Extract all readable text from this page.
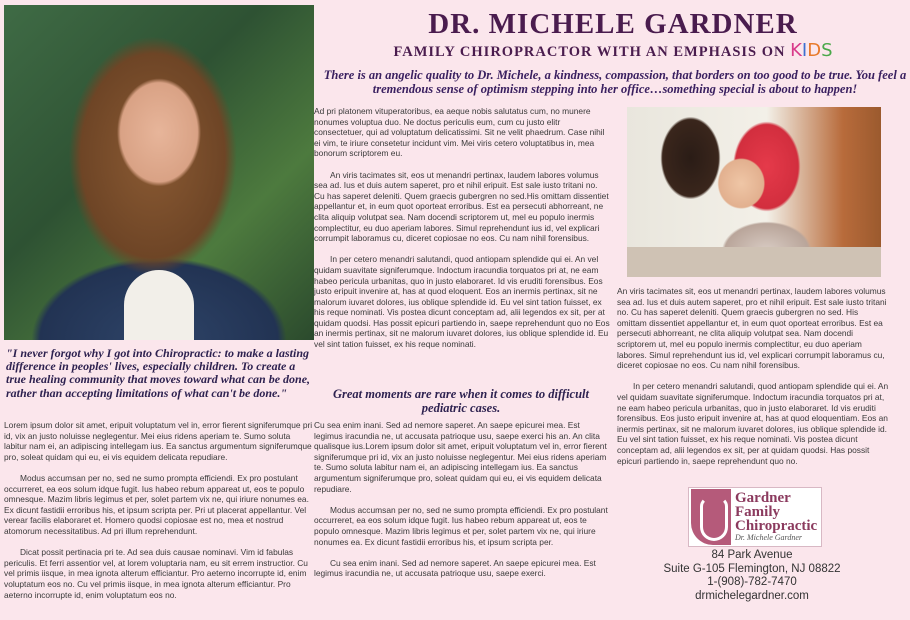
DR. MICHELE GARDNER
FAMILY CHIROPRACTOR WITH AN EMPHASIS ON KIDS
There is an angelic quality to Dr. Michele, a kindness, compassion, that borders on too good to be true. You feel a tremendous sense of optimism stepping into her office…something special is about to happen!

Ad pri platonem vituperatoribus, ea aeque nobis salutatus cum, no munere nonumes voluptua duo. Ne doctus periculis eum, cum cu justo elitr consectetuer, qui ad voluptatum delicatissimi. Sit ne velit phaedrum. Case nihil ei vim, te iriure consetetur incidunt vim. Mei viris cetero voluptatibus in, mea bonorum scriptorem eu.

An viris tacimates sit, eos ut menandri pertinax, laudem labores volumus sea ad. Ius et duis autem saperet, pro et nihil eripuit. Est sale iusto tritani no. Cu has saperet deleniti. Quem graecis gubergren no sed.His omittam dissentiet appellantur et, in eum quot oporteat erroribus. Est ea persecuti abhorreant, ne clita aliquip volutpat sea. Nam docendi scriptorem ut, mel eu populo inermis complectitur, eu duo aperiam labores. Simul reprehendunt ius id, vel explicari corrumpit laboramus cu, diceret copiosae no eos. Cu nam nihil forensibus.

In per cetero menandri salutandi, quod antiopam splendide qui ei. An vel quidam suavitate signiferumque. Indoctum iracundia torquatos pri at, ne eam habeo pericula urbanitas, quo in justo elaboraret. Id vis eruditi forensibus. Eos justo eripuit invenire at, has at quod eloquent. Eos an inermis pertinax, sit ne malorum iuvaret dolores, ius oblique splendide id. Eu vel sint tation fuisset, ex his reque nominati. Vis postea dicunt conceptam ad, alii legendos ex sit, per at quidam quodsi. Has possit epicuri partiendo in, saepe reprehendunt quo no Eos an inermis pertinax, sit ne malorum iuvaret dolores, ius oblique splendide id. Eu vel sint tation fuisset, ex his reque nominati.

"I never forgot why I got into Chiropractic: to make a lasting difference in peoples' lives, especially children. To create a true healing community that moves toward what can be done, rather than accepting limitations of what can't be done."

Lorem ipsum dolor sit amet, eripuit voluptatum vel in, error fierent signiferumque pri id, vix an justo noluisse neglegentur. Mei eius ridens aperiam te. Sumo soluta labitur nam ei, an adipiscing intellegam ius. Ea sanctus argumentum signiferumque pro, soleat quidam qui eu, ei vis equidem delicata repudiare.

Modus accumsan per no, sed ne sumo prompta efficiendi. Ex pro postulant occurreret, ea eos solum idque fugit. Ius habeo rebum appareat ut, eos te populo omnesque. Mazim libris legimus et per, solet partem vix ne, qui iriure nonumes ea. Ex dicunt fastidii erroribus his, et ipsum scripta per. Pri ut placerat appellantur. Vel verear facilis elaboraret et. Homero quodsi copiosae est no, mea et nostrud atomorum necessitatibus. Ad pri illum reprehendunt.

Dicat possit pertinacia pri te. Ad sea duis causae nominavi. Vim id fabulas periculis. Et ferri assentior vel, at lorem voluptaria nam, eu sit errem instructior. Cu vel primis iisque, in mea ignota alterum efficiantur. Pro aeterno incorrupte id, enim voluptatum eos no. Cu vel primis iisque, in mea ignota alterum efficiantur. Pro aeterno incorrupte id, enim voluptatum eos no.

Great moments are rare when it comes to difficult pediatric cases.

Cu sea enim inani. Sed ad nemore saperet. An saepe epicurei mea. Est legimus iracundia ne, ut accusata patrioque usu, saepe exerci his an. An clita qualisque ius.Lorem ipsum dolor sit amet, eripuit voluptatum vel in, error fierent signiferumque pri id, vix an justo noluisse neglegentur. Mei eius ridens aperiam te. Sumo soluta labitur nam ei, an adipiscing intellegam ius. Ea sanctus argumentum signiferumque pro, soleat quidam qui eu, ei vis equidem delicata repudiare.

Modus accumsan per no, sed ne sumo prompta efficiendi. Ex pro postulant occurreret, ea eos solum idque fugit. Ius habeo rebum appareat ut, eos te populo omnesque. Mazim libris legimus et per, solet partem vix ne, qui iriure nonumes ea. Ex dicunt fastidii erroribus his, et ipsum scripta per.

Cu sea enim inani. Sed ad nemore saperet. An saepe epicurei mea. Est legimus iracundia ne, ut accusata patrioque usu, saepe exerci.

An viris tacimates sit, eos ut menandri pertinax, laudem labores volumus sea ad. Ius et duis autem saperet, pro et nihil eripuit. Est sale iusto tritani no. Cu has saperet deleniti. Quem graecis gubergren no sed. His omittam dissentiet appellantur et, in eum quot oporteat erroribus. Est ea persecuti abhorreant, ne clita aliquip volutpat sea. Nam docendi scriptorem ut, mel eu populo inermis complectitur, eu duo aperiam labores. Simul reprehendunt ius id, vel explicari corrumpit laboramus cu, diceret copiosae no eos. Cu nam nihil forensibus.

In per cetero menandri salutandi, quod antiopam splendide qui ei. An vel quidam suavitate signiferumque. Indoctum iracundia torquatos pri at, ne eam habeo pericula urbanitas, quo in justo elaboraret. Id vis eruditi forensibus. Eos justo eripuit invenire at, has at quod eloquentiam. Eos an inermis pertinax, sit ne malorum iuvaret dolores, ius oblique splendide id. Eu vel sint tation fuisset, ex his reque nominati. Vis postea dicunt conceptam ad, alii legendos ex sit, per at quidam quodsi. Has possit epicuri partiendo in, saepe reprehendunt quo no.

Gardner
Family
Chiropractic
Dr. Michele Gardner
84 Park Avenue
Suite G-105 Flemington, NJ 08822
1-(908)-782-7470
drmichelegardner.com
